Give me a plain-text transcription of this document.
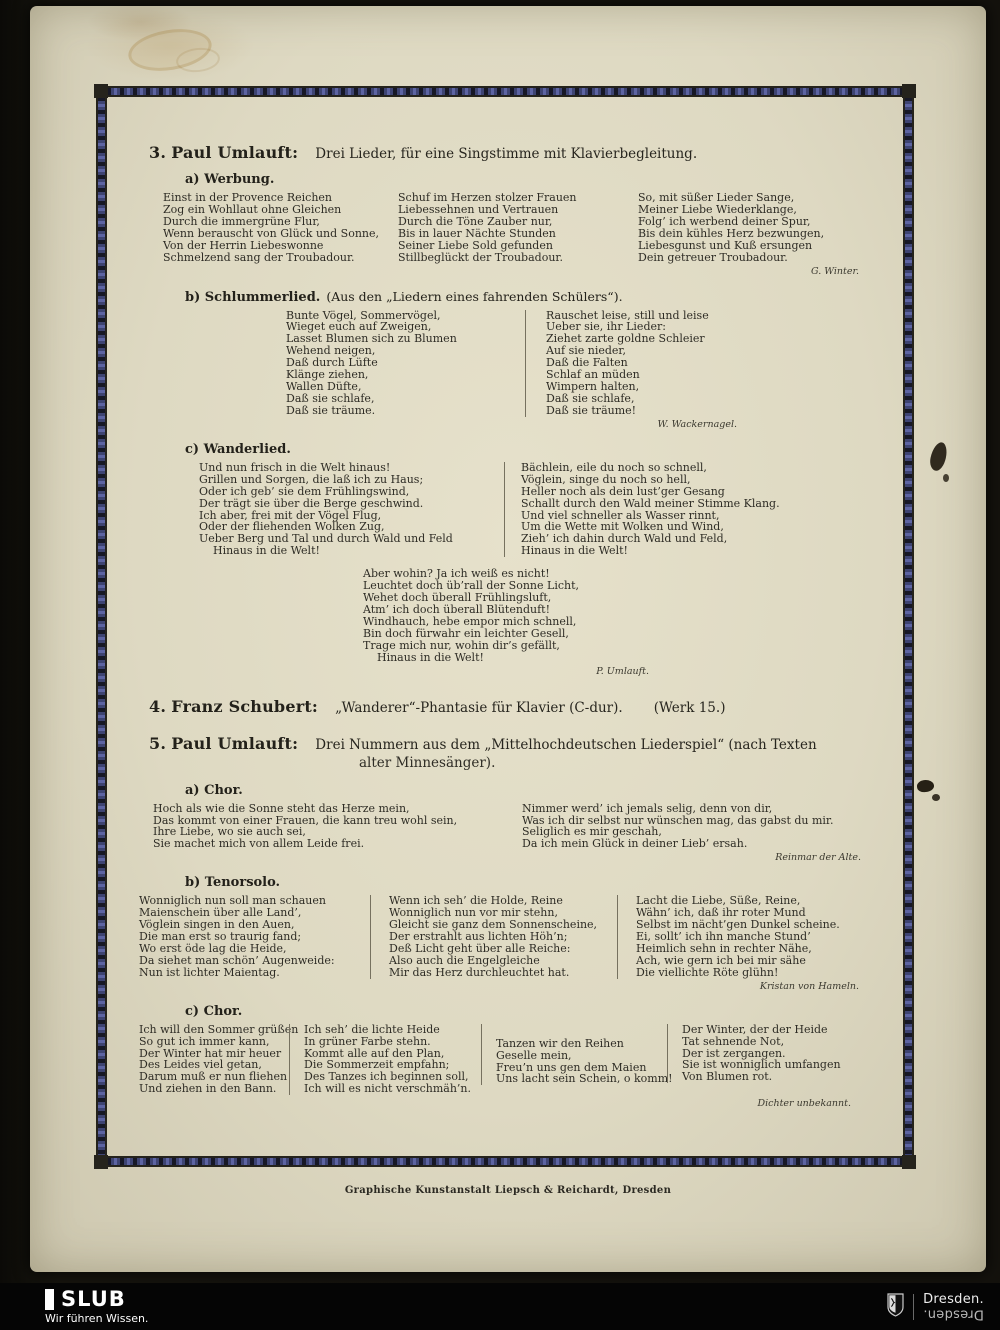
3. Paul Umlauft: Drei Lieder, für eine Singstimme mit Klavierbegleitung.
a) Werbung.
Einst in der Provence Reichen
Zog ein Wohllaut ohne Gleichen
Durch die immergrüne Flur,
Wenn berauscht von Glück und Sonne,
Von der Herrin Liebeswonne
Schmelzend sang der Troubadour.
Schuf im Herzen stolzer Frauen
Liebessehnen und Vertrauen
Durch die Töne Zauber nur,
Bis in lauer Nächte Stunden
Seiner Liebe Sold gefunden
Stillbeglückt der Troubadour.
So, mit süßer Lieder Sange,
Meiner Liebe Wiederklange,
Folg’ ich werbend deiner Spur,
Bis dein kühles Herz bezwungen,
Liebesgunst und Kuß ersungen
Dein getreuer Troubadour.
G. Winter.
b) Schlummerlied. (Aus den „Liedern eines fahrenden Schülers“).
Bunte Vögel, Sommervögel,
Wieget euch auf Zweigen,
Lasset Blumen sich zu Blumen
Wehend neigen,
Daß durch Lüfte
Klänge ziehen,
Wallen Düfte,
Daß sie schlafe,
Daß sie träume.
Rauschet leise, still und leise
Ueber sie, ihr Lieder:
Ziehet zarte goldne Schleier
Auf sie nieder,
Daß die Falten
Schlaf an müden
Wimpern halten,
Daß sie schlafe,
Daß sie träume!
W. Wackernagel.
c) Wanderlied.
Und nun frisch in die Welt hinaus!
Grillen und Sorgen, die laß ich zu Haus;
Oder ich geb’ sie dem Frühlingswind,
Der trägt sie über die Berge geschwind.
Ich aber, frei mit der Vögel Flug,
Oder der fliehenden Wolken Zug,
Ueber Berg und Tal und durch Wald und Feld
Hinaus in die Welt!
Bächlein, eile du noch so schnell,
Vöglein, singe du noch so hell,
Heller noch als dein lust’ger Gesang
Schallt durch den Wald meiner Stimme Klang.
Und viel schneller als Wasser rinnt,
Um die Wette mit Wolken und Wind,
Zieh’ ich dahin durch Wald und Feld,
Hinaus in die Welt!
Aber wohin? Ja ich weiß es nicht!
Leuchtet doch üb’rall der Sonne Licht,
Wehet doch überall Frühlingsluft,
Atm’ ich doch überall Blütenduft!
Windhauch, hebe empor mich schnell,
Bin doch fürwahr ein leichter Gesell,
Trage mich nur, wohin dir’s gefällt,
Hinaus in die Welt!
P. Umlauft.
4. Franz Schubert: „Wanderer“-Phantasie für Klavier (C-dur). (Werk 15.)
5. Paul Umlauft: Drei Nummern aus dem „Mittelhochdeutschen Liederspiel“ (nach Texten
alter Minnesänger).
a) Chor.
Hoch als wie die Sonne steht das Herze mein,
Das kommt von einer Frauen, die kann treu wohl sein,
Ihre Liebe, wo sie auch sei,
Sie machet mich von allem Leide frei.
Nimmer werd’ ich jemals selig, denn von dir,
Was ich dir selbst nur wünschen mag, das gabst du mir.
Seliglich es mir geschah,
Da ich mein Glück in deiner Lieb’ ersah.
Reinmar der Alte.
b) Tenorsolo.
Wonniglich nun soll man schauen
Maienschein über alle Land’,
Vöglein singen in den Auen,
Die man erst so traurig fand;
Wo erst öde lag die Heide,
Da siehet man schön’ Augenweide:
Nun ist lichter Maientag.
Wenn ich seh’ die Holde, Reine
Wonniglich nun vor mir stehn,
Gleicht sie ganz dem Sonnenscheine,
Der erstrahlt aus lichten Höh’n;
Deß Licht geht über alle Reiche:
Also auch die Engelgleiche
Mir das Herz durchleuchtet hat.
Lacht die Liebe, Süße, Reine,
Wähn’ ich, daß ihr roter Mund
Selbst im nächt’gen Dunkel scheine.
Ei, sollt’ ich ihn manche Stund’
Heimlich sehn in rechter Nähe,
Ach, wie gern ich bei mir sähe
Die viellichte Röte glühn!
Kristan von Hameln.
c) Chor.
Ich will den Sommer grüßen
So gut ich immer kann,
Der Winter hat mir heuer
Des Leides viel getan,
Darum muß er nun fliehen
Und ziehen in den Bann.
Ich seh’ die lichte Heide
In grüner Farbe stehn.
Kommt alle auf den Plan,
Die Sommerzeit empfahn;
Des Tanzes ich beginnen soll,
Ich will es nicht verschmäh’n.
Tanzen wir den Reihen
Geselle mein,
Freu’n uns gen dem Maien
Uns lacht sein Schein, o komm!
Der Winter, der der Heide
Tat sehnende Not,
Der ist zergangen.
Sie ist wonniglich umfangen
Von Blumen rot.
Dichter unbekannt.
Graphische Kunstanstalt Liepsch & Reichardt, Dresden
SLUB
Wir führen Wissen.
Dresden.
Dresden.
